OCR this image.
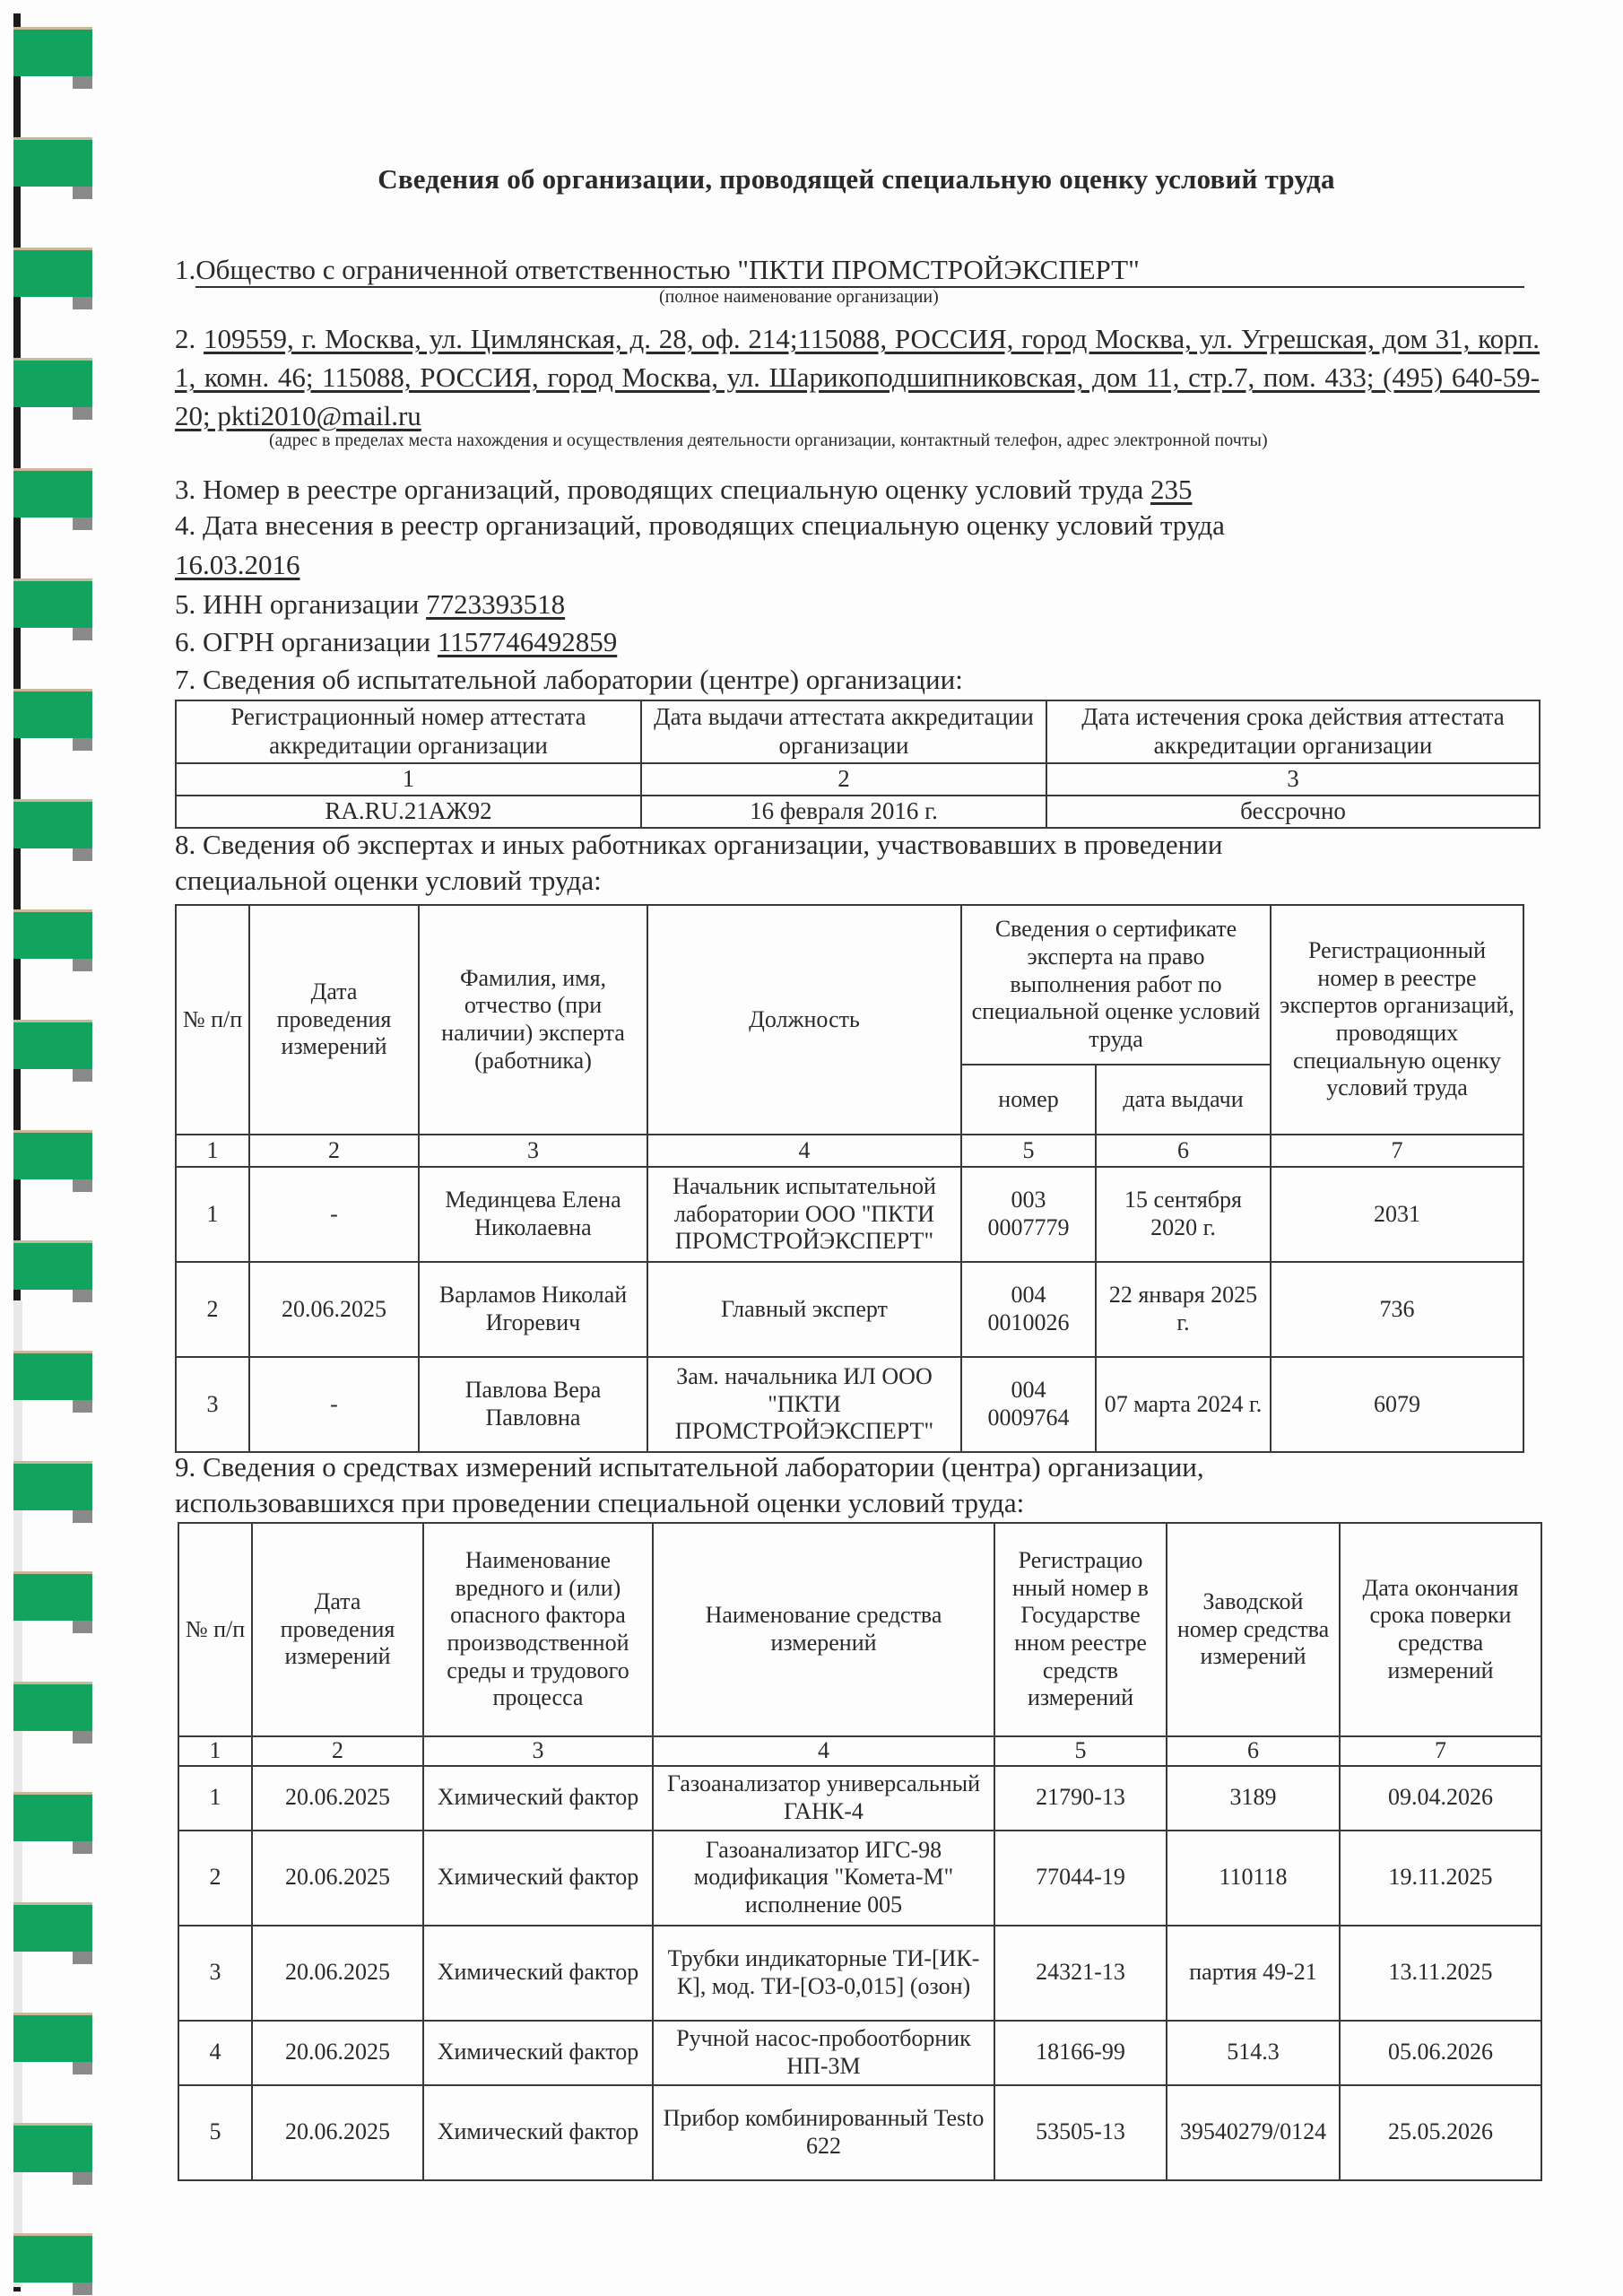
Сведения об организации, проводящей специальную оценку условий труда
1.Общество с ограниченной ответственностью "ПКТИ ПРОМСТРОЙЭКСПЕРТ"
(полное наименование организации)
2. 109559, г. Москва, ул. Цимлянская, д. 28, оф. 214;115088, РОССИЯ, город Москва, ул. Угрешская, дом 31, корп. 1, комн. 46; 115088, РОССИЯ, город Москва, ул. Шарикоподшипниковская, дом 11, стр.7, пом. 433; (495) 640-59-20; pkti2010@mail.ru
(адрес в пределах места нахождения и осуществления деятельности организации, контактный телефон, адрес электронной почты)
3. Номер в реестре организаций, проводящих специальную оценку условий труда 235
4. Дата внесения в реестр организаций, проводящих специальную оценку условий труда
16.03.2016
5. ИНН организации 7723393518
6. ОГРН организации 1157746492859
7. Сведения об испытательной лаборатории (центре) организации:
Регистрационный номер аттестата аккредитации организации	Дата выдачи аттестата аккредитации организации	Дата истечения срока действия аттестата аккредитации организации
1	2	3
RA.RU.21АЖ92	16 февраля 2016 г.	бессрочно
8. Сведения об экспертах и иных работниках организации, участвовавших в проведении
специальной оценки условий труда:
№ п/п	Дата проведения измерений	Фамилия, имя, отчество (при наличии) эксперта (работника)	Должность	Сведения о сертификате эксперта на право выполнения работ по специальной оценке условий труда		Регистрационный номер в реестре экспертов организаций, проводящих специальную оценку условий труда
				номер	дата выдачи	
1	2	3	4	5	6	7
1	-	Мединцева Елена Николаевна	Начальник испытательной лаборатории ООО "ПКТИ ПРОМСТРОЙЭКСПЕРТ"	003 0007779	15 сентября 2020 г.	2031
2	20.06.2025	Варламов Николай Игоревич	Главный эксперт	004 0010026	22 января 2025 г.	736
3	-	Павлова Вера Павловна	Зам. начальника ИЛ ООО "ПКТИ ПРОМСТРОЙЭКСПЕРТ"	004 0009764	07 марта 2024 г.	6079
9. Сведения о средствах измерений испытательной лаборатории (центра) организации,
использовавшихся при проведении специальной оценки условий труда:
№ п/п	Дата проведения измерений	Наименование вредного и (или) опасного фактора производственной среды и трудового процесса	Наименование средства измерений	Регистрацио нный номер в Государстве нном реестре средств измерений	Заводской номер средства измерений	Дата окончания срока поверки средства измерений
1	2	3	4	5	6	7
1	20.06.2025	Химический фактор	Газоанализатор универсальный ГАНК-4	21790-13	3189	09.04.2026
2	20.06.2025	Химический фактор	Газоанализатор ИГС-98 модификация "Комета-М" исполнение 005	77044-19	110118	19.11.2025
3	20.06.2025	Химический фактор	Трубки индикаторные ТИ-[ИК-К], мод. ТИ-[О3-0,015] (озон)	24321-13	партия 49-21	13.11.2025
4	20.06.2025	Химический фактор	Ручной насос-пробоотборник НП-3М	18166-99	514.3	05.06.2026
5	20.06.2025	Химический фактор	Прибор комбинированный Testo 622	53505-13	39540279/0124	25.05.2026
